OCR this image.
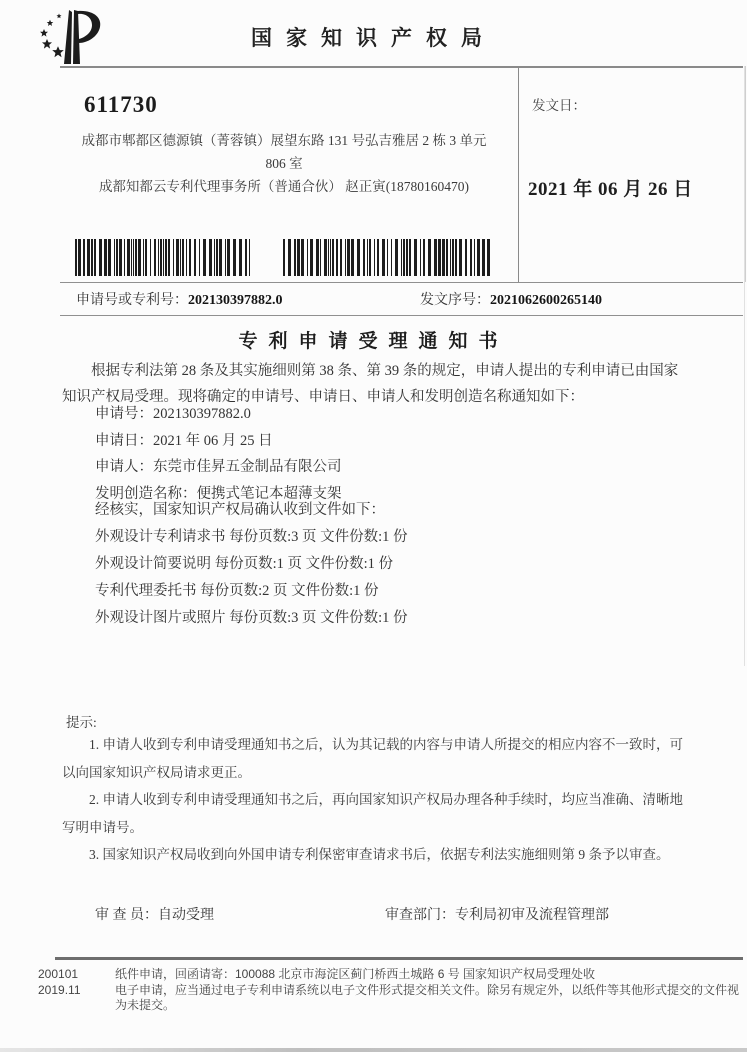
国家知识产权局
611730
成都市郫都区德源镇（菁蓉镇）展望东路 131 号弘吉雅居 2 栋 3 单元
806 室
成都知都云专利代理事务所（普通合伙） 赵正寅(18780160470)
发文日：
2021 年 06 月 26 日
申请号或专利号：202130397882.0	发文序号：2021062600265140
专利申请受理通知书
根据专利法第 28 条及其实施细则第 38 条、第 39 条的规定，申请人提出的专利申请已由国家知识产权局受理。现将确定的申请号、申请日、申请人和发明创造名称通知如下：
申请号：202130397882.0
申请日：2021 年 06 月 25 日
申请人：东莞市佳昇五金制品有限公司
发明创造名称：便携式笔记本超薄支架
经核实，国家知识产权局确认收到文件如下：
外观设计专利请求书 每份页数:3 页 文件份数:1 份
外观设计简要说明 每份页数:1 页 文件份数:1 份
专利代理委托书 每份页数:2 页 文件份数:1 份
外观设计图片或照片 每份页数:3 页 文件份数:1 份
提示:

1. 申请人收到专利申请受理通知书之后，认为其记载的内容与申请人所提交的相应内容不一致时，可以向国家知识产权局请求更正。

2. 申请人收到专利申请受理通知书之后，再向国家知识产权局办理各种手续时，均应当准确、清晰地写明申请号。

3. 国家知识产权局收到向外国申请专利保密审查请求书后，依据专利法实施细则第 9 条予以审查。

审 查 员：自动受理	审查部门：专利局初审及流程管理部
200101
2019.11
纸件申请，回函请寄：100088 北京市海淀区蓟门桥西土城路 6 号 国家知识产权局受理处收
电子申请，应当通过电子专利申请系统以电子文件形式提交相关文件。除另有规定外，以纸件等其他形式提交的文件视为未提交。
